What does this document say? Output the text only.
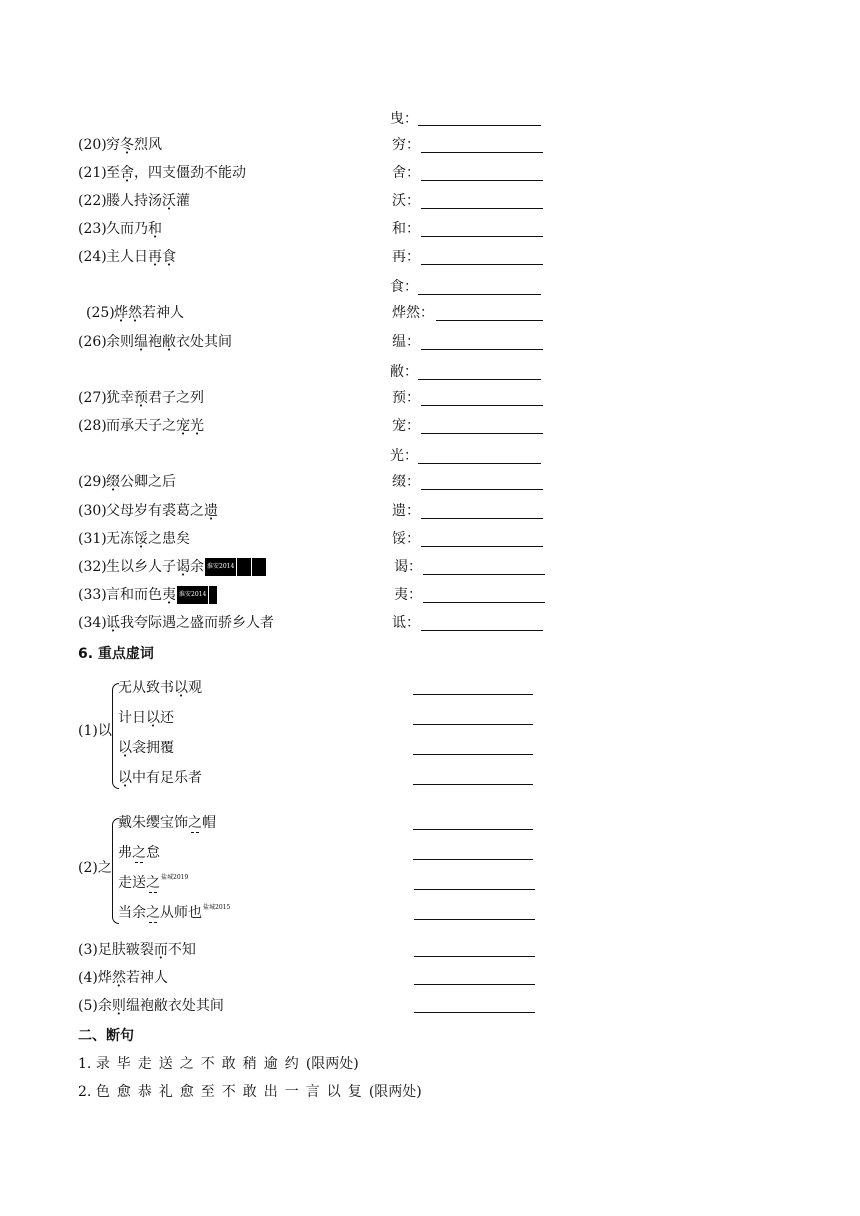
曳：
(20) 穷冬烈风	穷：
(21) 至舍，四支僵劲不能动	舍：
(22) 媵人持汤沃灌	沃：
(23) 久而乃和	和：
(24) 主人日再食	再：
食：
(25) 烨然若神人	烨然：
(26) 余则缊袍敝衣处其间	缊：
敝：
(27) 犹幸预君子之列	预：
(28) 而承天子之宠光	宠：
光：
(29) 缀公卿之后	缀：
(30) 父母岁有裘葛之遗	遗：
(31) 无冻馁之患矣	馁：
(32) 生以乡人子谒余 淮安2014	谒：
(33) 言和而色夷 淮安2014	夷：
(34) 诋我夸际遇之盛而骄乡人者	诋：
6. 重点虚词
(1)以
无从致书以观
计日以还
以衾拥覆
以中有足乐者
(2)之
戴朱缨宝饰之帽
弗之怠
走送之$^{盐城2019}$
当余之从师也$^{盐城2015}$
(3)足肤皲裂而不知
(4)烨然若神人
(5)余则缊袍敝衣处其间
二、断句
1. 录毕走送之不敢稍逾约(限两处)
2. 色愈恭礼愈至不敢出一言以复(限两处)
